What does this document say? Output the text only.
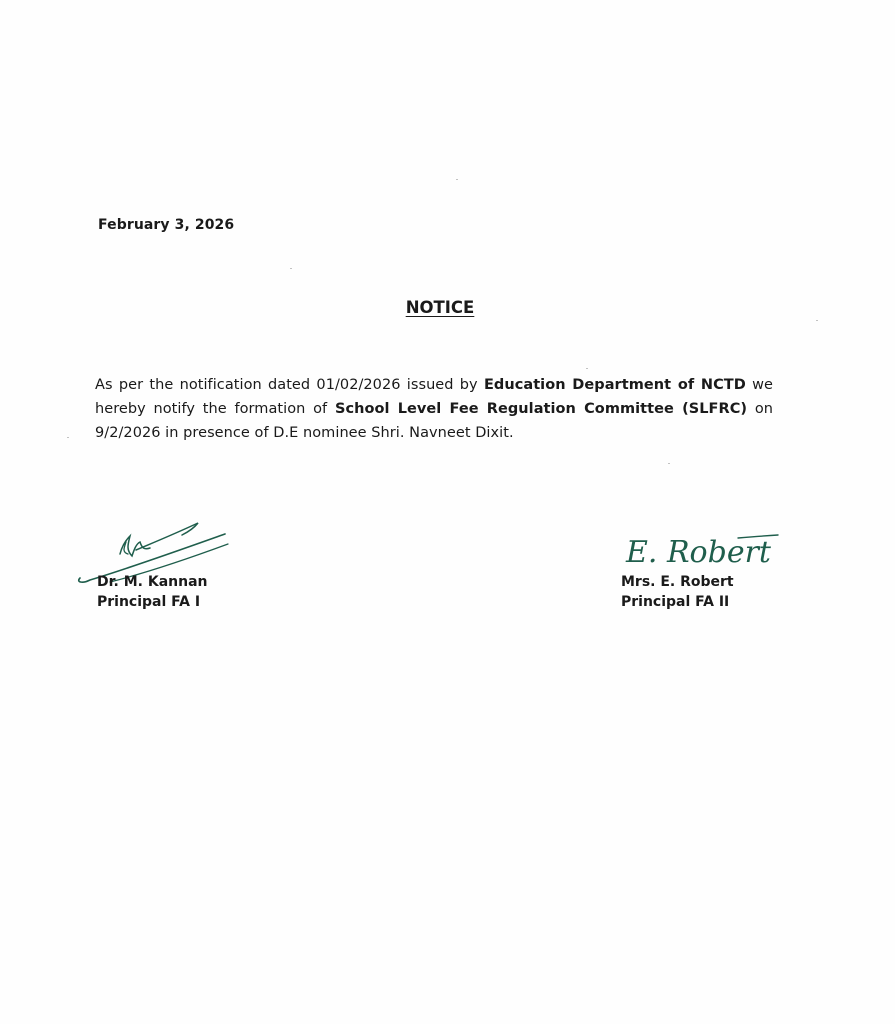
February 3, 2026
NOTICE
As per the notification dated 01/02/2026 issued by Education Department of NCTD we hereby notify the formation of School Level Fee Regulation Committee (SLFRC) on 9/2/2026 in presence of D.E nominee Shri. Navneet Dixit.
E. Robert
Dr. M. Kannan
Principal FA I
Mrs. E. Robert
Principal FA II
